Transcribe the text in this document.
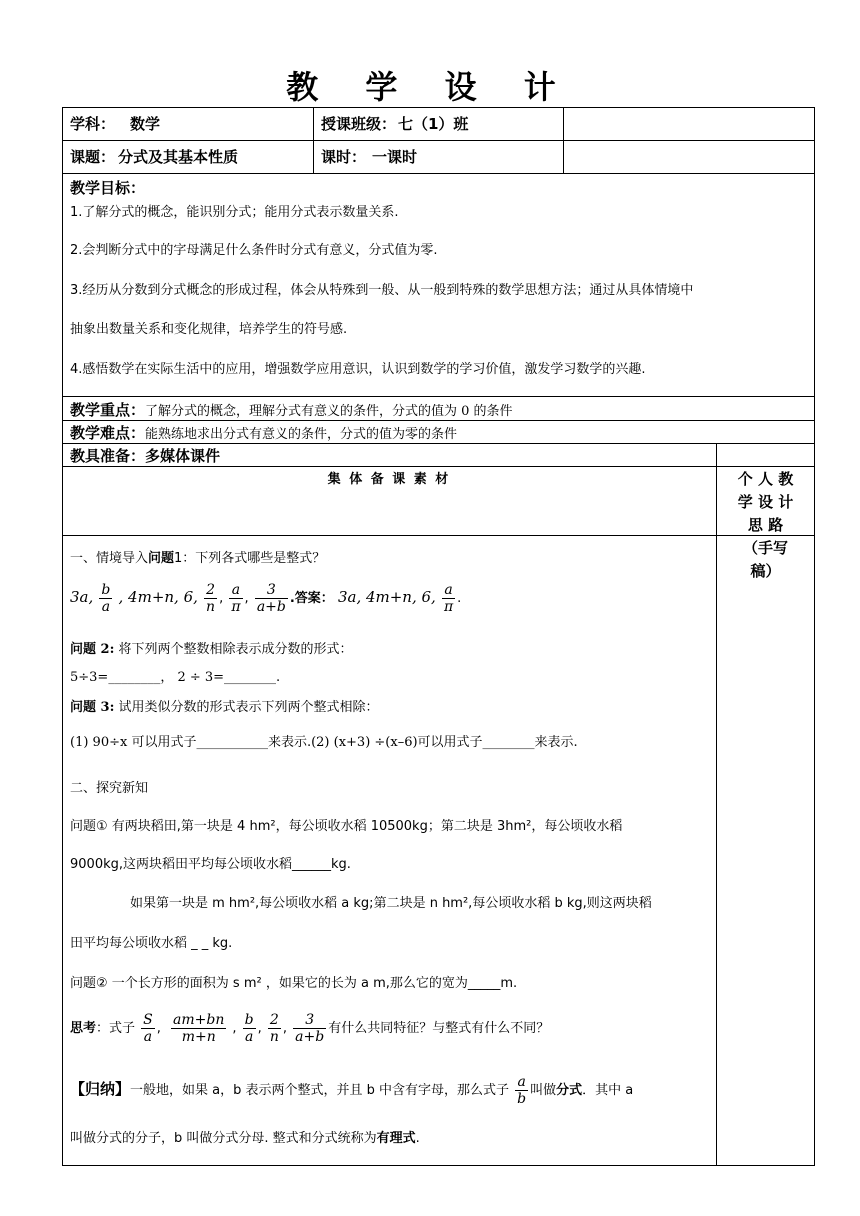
教 学 设 计
学科： 数学	授课班级： 七（1）班
课题： 分式及其基本性质	课时： 一课时
教学目标：
1.了解分式的概念，能识别分式；能用分式表示数量关系.
2.会判断分式中的字母满足什么条件时分式有意义，分式值为零.
3.经历从分数到分式概念的形成过程，体会从特殊到一般、从一般到特殊的数学思想方法；通过从具体情境中
抽象出数量关系和变化规律，培养学生的符号感.
4.感悟数学在实际生活中的应用，增强数学应用意识，认识到数学的学习价值，激发学习数学的兴趣.
教学重点：了解分式的概念，理解分式有意义的条件，分式的值为 0 的条件
教学难点：能熟练地求出分式有意义的条件，分式的值为零的条件
教具准备：多媒体课件
集 体 备 课 素 材	个 人 教
学 设 计
思 路
（手写
稿）
一、情境导入问题1：下列各式哪些是整式？
3a, $\frac{b}{a}$ , 4m+n, 6, $\frac{2}{n}$ , $\frac{a}{\pi}$ , $\frac{3}{a+b}$ .答案： 3a, 4m+n, 6, $\frac{a}{\pi}$ .
问题 2: 将下列两个整数相除表示成分数的形式：
5÷3=________， 2 ÷ 3=________.
问题 3: 试用类似分数的形式表示下列两个整式相除：
(1) 90÷x 可以用式子___________来表示.(2) (x+3) ÷(x–6)可以用式子________来表示.
二、探究新知
问题① 有两块稻田,第一块是 4 hm²，每公顷收水稻 10500kg；第二块是 3hm²，每公顷收水稻
9000kg,这两块稻田平均每公顷收水稻______kg.
如果第一块是 m hm²,每公顷收水稻 a kg;第二块是 n hm²,每公顷收水稻 b kg,则这两块稻
田平均每公顷收水稻 _ _ kg.
问题② 一个长方形的面积为 s m² ，如果它的长为 a m,那么它的宽为_____m.
思考：式子 $\frac{S}{a}$ , $\frac{am+bn}{m+n}$ , $\frac{b}{a}$ , $\frac{2}{n}$ , $\frac{3}{a+b}$ 有什么共同特征？与整式有什么不同？
【归纳】一般地，如果 a，b 表示两个整式，并且 b 中含有字母，那么式子 $\frac{a}{b}$ 叫做分式．其中 a
叫做分式的分子，b 叫做分式分母. 整式和分式统称为有理式.
